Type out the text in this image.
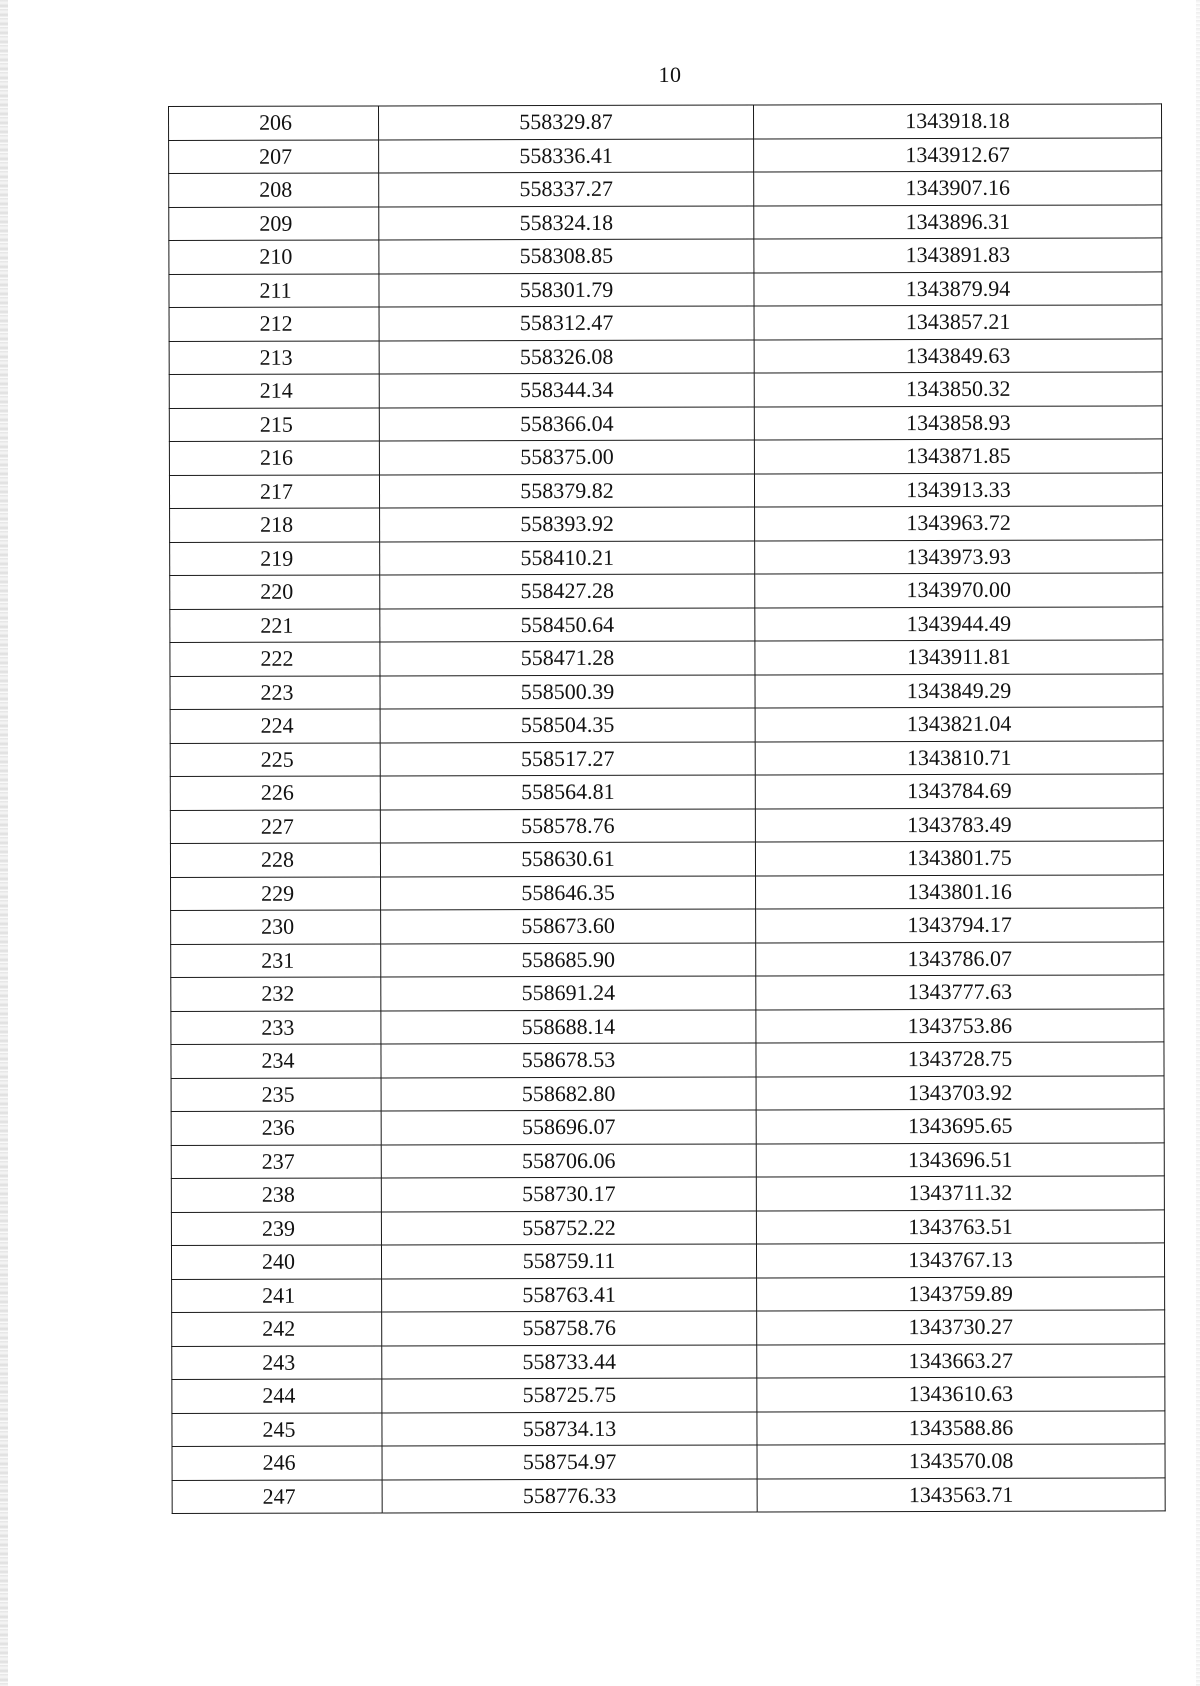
10
206	558329.87	1343918.18
207	558336.41	1343912.67
208	558337.27	1343907.16
209	558324.18	1343896.31
210	558308.85	1343891.83
211	558301.79	1343879.94
212	558312.47	1343857.21
213	558326.08	1343849.63
214	558344.34	1343850.32
215	558366.04	1343858.93
216	558375.00	1343871.85
217	558379.82	1343913.33
218	558393.92	1343963.72
219	558410.21	1343973.93
220	558427.28	1343970.00
221	558450.64	1343944.49
222	558471.28	1343911.81
223	558500.39	1343849.29
224	558504.35	1343821.04
225	558517.27	1343810.71
226	558564.81	1343784.69
227	558578.76	1343783.49
228	558630.61	1343801.75
229	558646.35	1343801.16
230	558673.60	1343794.17
231	558685.90	1343786.07
232	558691.24	1343777.63
233	558688.14	1343753.86
234	558678.53	1343728.75
235	558682.80	1343703.92
236	558696.07	1343695.65
237	558706.06	1343696.51
238	558730.17	1343711.32
239	558752.22	1343763.51
240	558759.11	1343767.13
241	558763.41	1343759.89
242	558758.76	1343730.27
243	558733.44	1343663.27
244	558725.75	1343610.63
245	558734.13	1343588.86
246	558754.97	1343570.08
247	558776.33	1343563.71
